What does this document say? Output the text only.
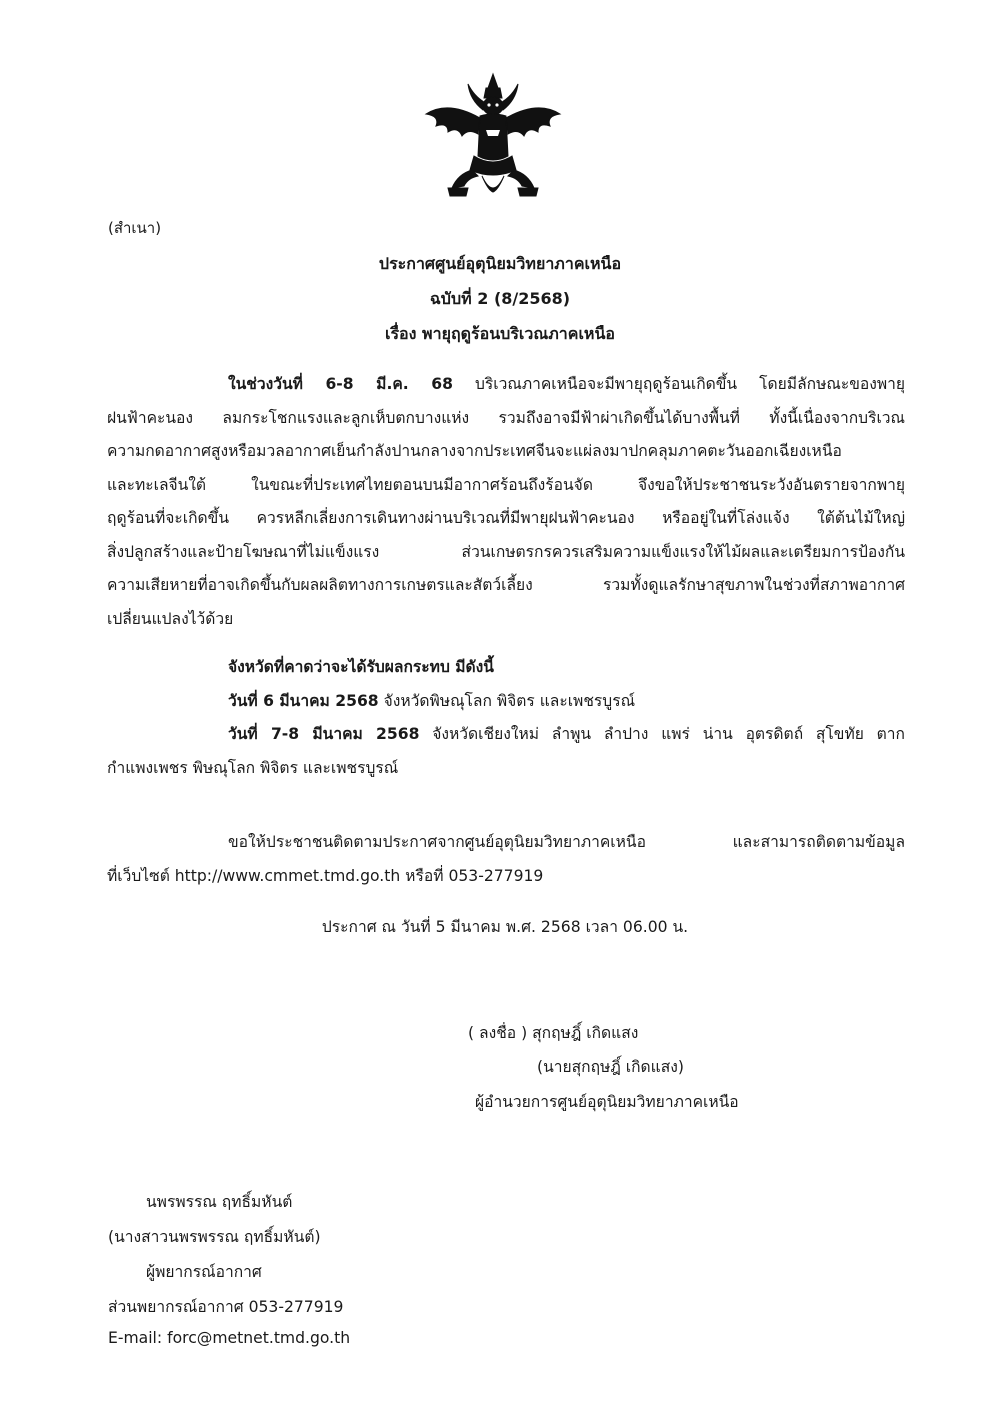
(สำเนา)
ประกาศศูนย์อุตุนิยมวิทยาภาคเหนือ
ฉบับที่ 2 (8/2568)
เรื่อง พายุฤดูร้อนบริเวณภาคเหนือ
ในช่วงวันที่ 6-8 มี.ค. 68 บริเวณภาคเหนือจะมีพายุฤดูร้อนเกิดขึ้น โดยมีลักษณะของพายุ
ฝนฟ้าคะนอง ลมกระโชกแรงและลูกเห็บตกบางแห่ง รวมถึงอาจมีฟ้าผ่าเกิดขึ้นได้บางพื้นที่ ทั้งนี้เนื่องจากบริเวณ
ความกดอากาศสูงหรือมวลอากาศเย็นกำลังปานกลางจากประเทศจีนจะแผ่ลงมาปกคลุมภาคตะวันออกเฉียงเหนือ
และทะเลจีนใต้ ในขณะที่ประเทศไทยตอนบนมีอากาศร้อนถึงร้อนจัด จึงขอให้ประชาชนระวังอันตรายจากพายุ
ฤดูร้อนที่จะเกิดขึ้น ควรหลีกเลี่ยงการเดินทางผ่านบริเวณที่มีพายุฝนฟ้าคะนอง หรืออยู่ในที่โล่งแจ้ง ใต้ต้นไม้ใหญ่
สิ่งปลูกสร้างและป้ายโฆษณาที่ไม่แข็งแรง ส่วนเกษตรกรควรเสริมความแข็งแรงให้ไม้ผลและเตรียมการป้องกัน
ความเสียหายที่อาจเกิดขึ้นกับผลผลิตทางการเกษตรและสัตว์เลี้ยง รวมทั้งดูแลรักษาสุขภาพในช่วงที่สภาพอากาศ
เปลี่ยนแปลงไว้ด้วย
จังหวัดที่คาดว่าจะได้รับผลกระทบ มีดังนี้
วันที่ 6 มีนาคม 2568 จังหวัดพิษณุโลก พิจิตร และเพชรบูรณ์
วันที่ 7-8 มีนาคม 2568 จังหวัดเชียงใหม่ ลำพูน ลำปาง แพร่ น่าน อุตรดิตถ์ สุโขทัย ตาก
กำแพงเพชร พิษณุโลก พิจิตร และเพชรบูรณ์
ขอให้ประชาชนติดตามประกาศจากศูนย์อุตุนิยมวิทยาภาคเหนือ และสามารถติดตามข้อมูล
ที่เว็บไซต์ http://www.cmmet.tmd.go.th หรือที่ 053-277919
ประกาศ ณ วันที่ 5 มีนาคม พ.ศ. 2568 เวลา 06.00 น.
( ลงชื่อ ) สุกฤษฎิ์ เกิดแสง
(นายสุกฤษฎิ์ เกิดแสง)
ผู้อำนวยการศูนย์อุตุนิยมวิทยาภาคเหนือ
นพรพรรณ ฤทธิ์มหันต์
(นางสาวนพรพรรณ ฤทธิ์มหันต์)
ผู้พยากรณ์อากาศ
ส่วนพยากรณ์อากาศ 053-277919
E-mail: forc@metnet.tmd.go.th
